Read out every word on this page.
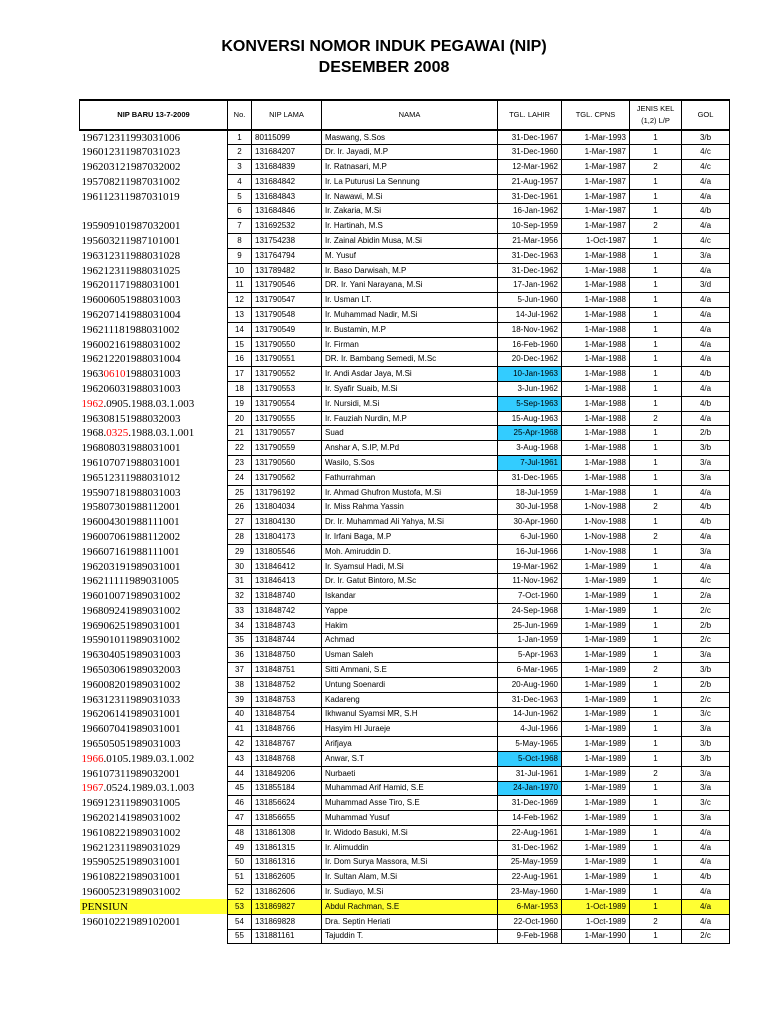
KONVERSI NOMOR INDUK PEGAWAI (NIP)
DESEMBER 2008
NIP BARU 13-7-2009	No.	NIP LAMA	NAMA	TGL. LAHIR	TGL. CPNS	JENIS KEL
(1,2) L/P	GOL
196712311993031006	1	80115099	Maswang, S.Sos	31-Dec-1967	1-Mar-1993	1	3/b
196012311987031023	2	131684207	Dr. Ir. Jayadi, M.P	31-Dec-1960	1-Mar-1987	1	4/c
196203121987032002	3	131684839	Ir. Ratnasari, M.P	12-Mar-1962	1-Mar-1987	2	4/c
195708211987031002	4	131684842	Ir. La Puturusi La Sennung	21-Aug-1957	1-Mar-1987	1	4/a
196112311987031019	5	131684843	Ir. Nawawi, M.Si	31-Dec-1961	1-Mar-1987	1	4/a
	6	131684846	Ir. Zakaria, M.Si	16-Jan-1962	1-Mar-1987	1	4/b
195909101987032001	7	131692532	Ir. Hartinah, M.S	10-Sep-1959	1-Mar-1987	2	4/a
195603211987101001	8	131754238	Ir. Zainal Abidin Musa, M.Si	21-Mar-1956	1-Oct-1987	1	4/c
196312311988031028	9	131764794	M. Yusuf	31-Dec-1963	1-Mar-1988	1	3/a
196212311988031025	10	131789482	Ir. Baso Darwisah, M.P	31-Dec-1962	1-Mar-1988	1	4/a
196201171988031001	11	131790546	DR. Ir. Yani Narayana, M.Si	17-Jan-1962	1-Mar-1988	1	3/d
196006051988031003	12	131790547	Ir. Usman LT.	5-Jun-1960	1-Mar-1988	1	4/a
196207141988031004	13	131790548	Ir. Muhammad Nadir, M.Si	14-Jul-1962	1-Mar-1988	1	4/a
196211181988031002	14	131790549	Ir. Bustamin, M.P	18-Nov-1962	1-Mar-1988	1	4/a
196002161988031002	15	131790550	Ir. Firman	16-Feb-1960	1-Mar-1988	1	4/a
196212201988031004	16	131790551	DR. Ir. Bambang Semedi, M.Sc	20-Dec-1962	1-Mar-1988	1	4/a
196306101988031003	17	131790552	Ir. Andi Asdar Jaya, M.Si	10-Jan-1963	1-Mar-1988	1	4/b
196206031988031003	18	131790553	Ir. Syafir Suaib, M.Si	3-Jun-1962	1-Mar-1988	1	4/a
1962.0905.1988.03.1.003	19	131790554	Ir. Nursidi, M.Si	5-Sep-1963	1-Mar-1988	1	4/b
196308151988032003	20	131790555	Ir. Fauziah Nurdin, M.P	15-Aug-1963	1-Mar-1988	2	4/a
1968.0325.1988.03.1.001	21	131790557	Suad	25-Apr-1968	1-Mar-1988	1	2/b
196808031988031001	22	131790559	Anshar A, S.IP, M.Pd	3-Aug-1968	1-Mar-1988	1	3/b
196107071988031001	23	131790560	Wasilo, S.Sos	7-Jul-1961	1-Mar-1988	1	3/a
196512311988031012	24	131790562	Fathurrahman	31-Dec-1965	1-Mar-1988	1	3/a
195907181988031003	25	131796192	Ir. Ahmad Ghufron Mustofa, M.Si	18-Jul-1959	1-Mar-1988	1	4/a
195807301988112001	26	131804034	Ir. Miss Rahma Yassin	30-Jul-1958	1-Nov-1988	2	4/b
196004301988111001	27	131804130	Dr. Ir. Muhammad Ali Yahya, M.Si	30-Apr-1960	1-Nov-1988	1	4/b
196007061988112002	28	131804173	Ir. Irfani Baga, M.P	6-Jul-1960	1-Nov-1988	2	4/a
196607161988111001	29	131805546	Moh. Amiruddin D.	16-Jul-1966	1-Nov-1988	1	3/a
196203191989031001	30	131846412	Ir. Syamsul Hadi, M.Si	19-Mar-1962	1-Mar-1989	1	4/a
196211111989031005	31	131846413	Dr. Ir. Gatut Bintoro, M.Sc	11-Nov-1962	1-Mar-1989	1	4/c
196010071989031002	32	131848740	Iskandar	7-Oct-1960	1-Mar-1989	1	2/a
196809241989031002	33	131848742	Yappe	24-Sep-1968	1-Mar-1989	1	2/c
196906251989031001	34	131848743	Hakim	25-Jun-1969	1-Mar-1989	1	2/b
195901011989031002	35	131848744	Achmad	1-Jan-1959	1-Mar-1989	1	2/c
196304051989031003	36	131848750	Usman Saleh	5-Apr-1963	1-Mar-1989	1	3/a
196503061989032003	37	131848751	Sitti Ammani, S.E	6-Mar-1965	1-Mar-1989	2	3/b
196008201989031002	38	131848752	Untung Soenardi	20-Aug-1960	1-Mar-1989	1	2/b
196312311989031033	39	131848753	Kadareng	31-Dec-1963	1-Mar-1989	1	2/c
196206141989031001	40	131848754	Ikhwanul Syamsi MR, S.H	14-Jun-1962	1-Mar-1989	1	3/c
196607041989031001	41	131848766	Hasyim HI Juraeje	4-Jul-1966	1-Mar-1989	1	3/a
196505051989031003	42	131848767	Arifjaya	5-May-1965	1-Mar-1989	1	3/b
1966.0105.1989.03.1.002	43	131848768	Anwar, S.T	5-Oct-1968	1-Mar-1989	1	3/b
196107311989032001	44	131849206	Nurbaeti	31-Jul-1961	1-Mar-1989	2	3/a
1967.0524.1989.03.1.003	45	131855184	Muhammad Arif Hamid, S.E	24-Jan-1970	1-Mar-1989	1	3/a
196912311989031005	46	131856624	Muhammad Asse Tiro, S.E	31-Dec-1969	1-Mar-1989	1	3/c
196202141989031002	47	131856655	Muhammad Yusuf	14-Feb-1962	1-Mar-1989	1	3/a
196108221989031002	48	131861308	Ir. Widodo Basuki, M.Si	22-Aug-1961	1-Mar-1989	1	4/a
196212311989031029	49	131861315	Ir. Alimuddin	31-Dec-1962	1-Mar-1989	1	4/a
195905251989031001	50	131861316	Ir. Dom Surya Massora, M.Si	25-May-1959	1-Mar-1989	1	4/a
196108221989031001	51	131862605	Ir. Sultan Alam, M.Si	22-Aug-1961	1-Mar-1989	1	4/b
196005231989031002	52	131862606	Ir. Sudiayo, M.Si	23-May-1960	1-Mar-1989	1	4/a
PENSIUN	53	131869827	Abdul Rachman, S.E	6-Mar-1953	1-Oct-1989	1	4/a
196010221989102001	54	131869828	Dra. Septin Heriati	22-Oct-1960	1-Oct-1989	2	4/a
	55	131881161	Tajuddin T.	9-Feb-1968	1-Mar-1990	1	2/c
